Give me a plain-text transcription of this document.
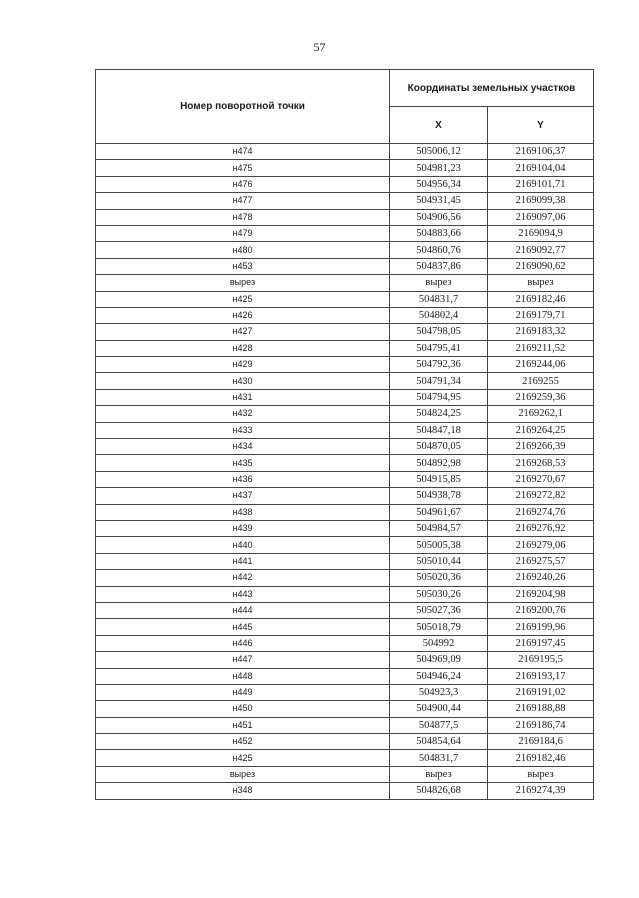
57
Номер поворотной точки	Координаты земельных участков	
	X	Y
н474	505006,12	2169106,37
н475	504981,23	2169104,04
н476	504956,34	2169101,71
н477	504931,45	2169099,38
н478	504906,56	2169097,06
н479	504883,66	2169094,9
н480	504860,76	2169092,77
н453	504837,86	2169090,62
вырез	вырез	вырез
н425	504831,7	2169182,46
н426	504802,4	2169179,71
н427	504798,05	2169183,32
н428	504795,41	2169211,52
н429	504792,36	2169244,06
н430	504791,34	2169255
н431	504794,95	2169259,36
н432	504824,25	2169262,1
н433	504847,18	2169264,25
н434	504870,05	2169266,39
н435	504892,98	2169268,53
н436	504915,85	2169270,67
н437	504938,78	2169272,82
н438	504961,67	2169274,76
н439	504984,57	2169276,92
н440	505005,38	2169279,06
н441	505010,44	2169275,57
н442	505020,36	2169240,26
н443	505030,26	2169204,98
н444	505027,36	2169200,76
н445	505018,79	2169199,96
н446	504992	2169197,45
н447	504969,09	2169195,5
н448	504946,24	2169193,17
н449	504923,3	2169191,02
н450	504900,44	2169188,88
н451	504877,5	2169186,74
н452	504854,64	2169184,6
н425	504831,7	2169182,46
вырез	вырез	вырез
н348	504826,68	2169274,39
